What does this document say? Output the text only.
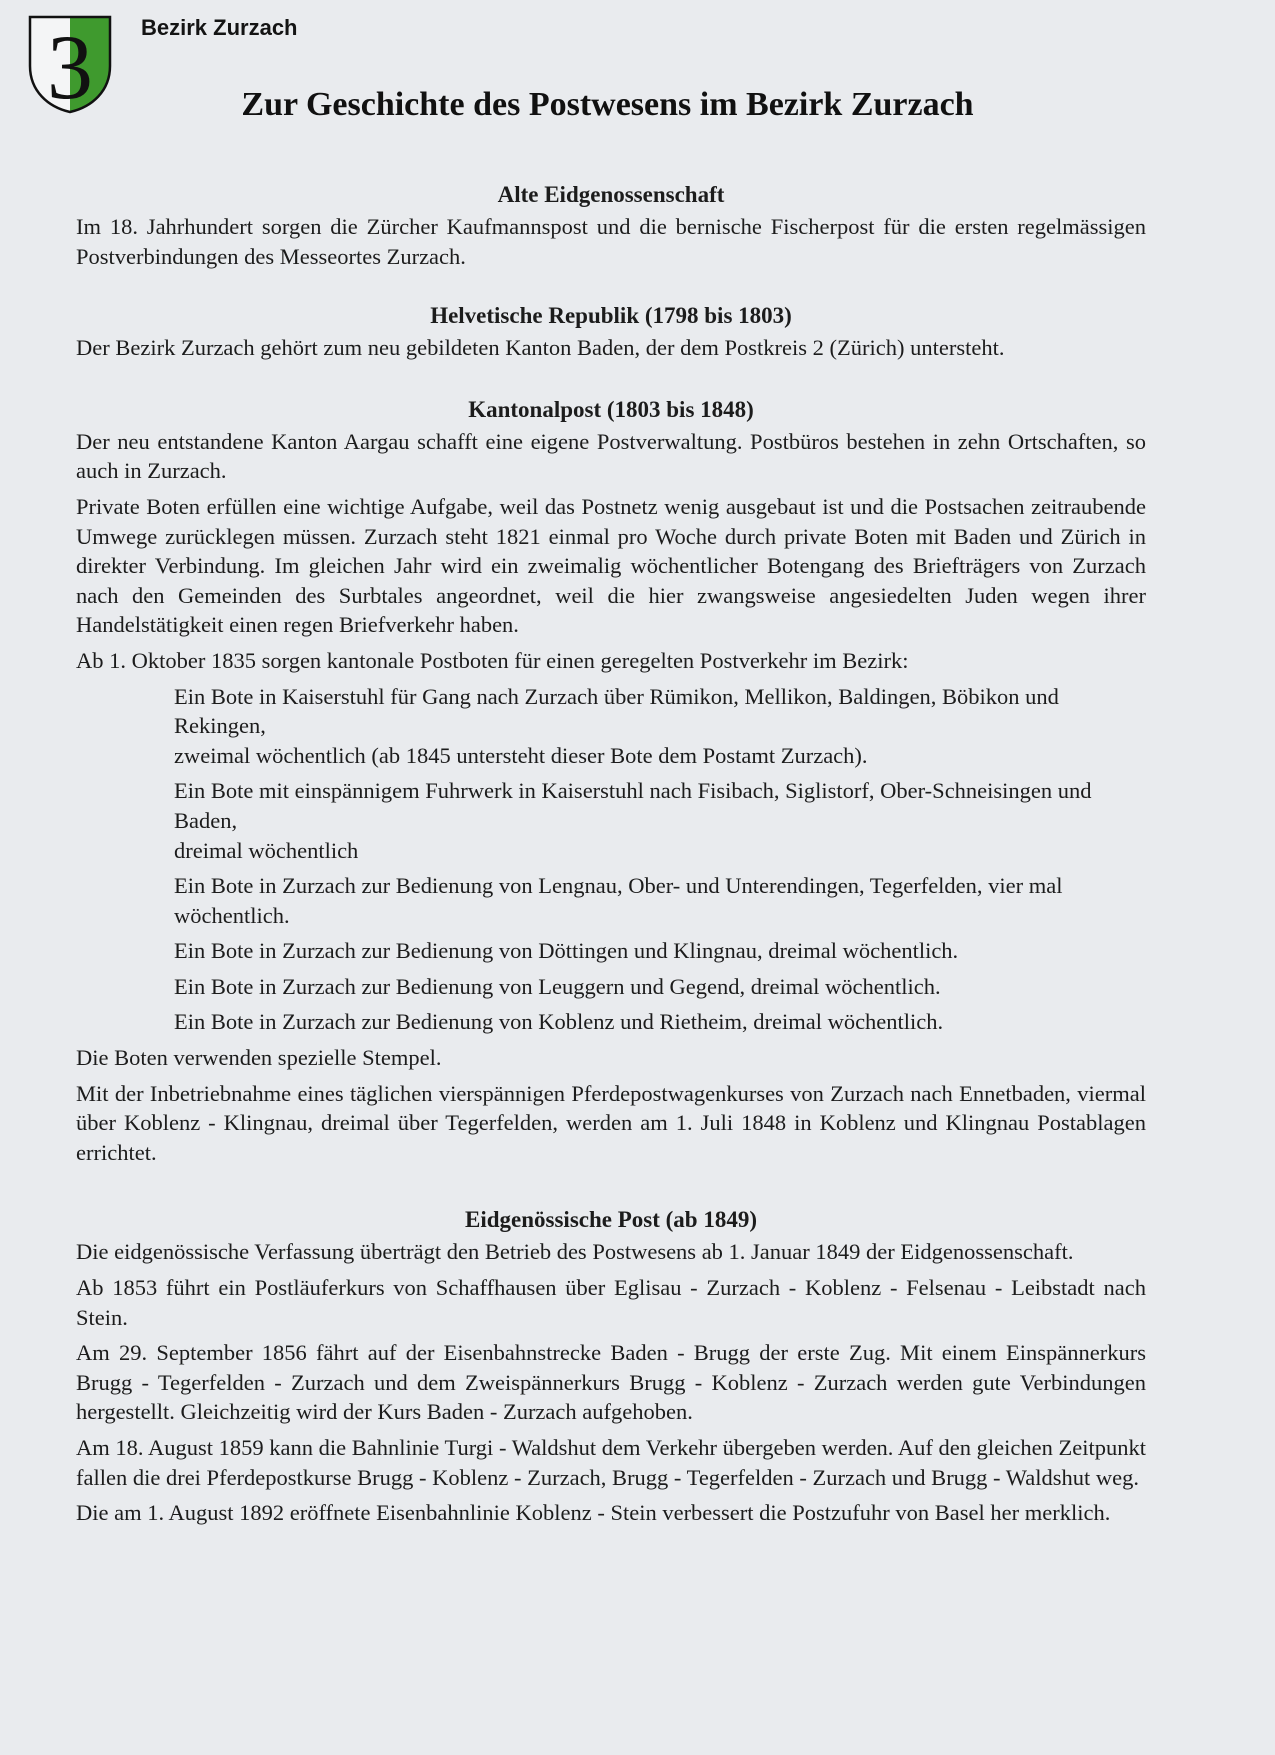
3 Bezirk Zurzach
Zur Geschichte des Postwesens im Bezirk Zurzach
Alte Eidgenossenschaft
Im 18. Jahrhundert sorgen die Zürcher Kaufmannspost und die bernische Fischerpost für die ersten regelmässigen Postverbindungen des Messeortes Zurzach.
Helvetische Republik (1798 bis 1803)
Der Bezirk Zurzach gehört zum neu gebildeten Kanton Baden, der dem Postkreis 2 (Zürich) untersteht.
Kantonalpost (1803 bis 1848)
Der neu entstandene Kanton Aargau schafft eine eigene Postverwaltung. Postbüros bestehen in zehn Ortschaften, so auch in Zurzach.
Private Boten erfüllen eine wichtige Aufgabe, weil das Postnetz wenig ausgebaut ist und die Postsachen zeitraubende Umwege zurücklegen müssen. Zurzach steht 1821 einmal pro Woche durch private Boten mit Baden und Zürich in direkter Verbindung. Im gleichen Jahr wird ein zweimalig wöchentlicher Botengang des Briefträgers von Zurzach nach den Gemeinden des Surbtales angeordnet, weil die hier zwangsweise angesiedelten Juden wegen ihrer Handelstätigkeit einen regen Briefverkehr haben.
Ab 1. Oktober 1835 sorgen kantonale Postboten für einen geregelten Postverkehr im Bezirk:
Ein Bote in Kaiserstuhl für Gang nach Zurzach über Rümikon, Mellikon, Baldingen, Böbikon und Rekingen,
zweimal wöchentlich (ab 1845 untersteht dieser Bote dem Postamt Zurzach).
Ein Bote mit einspännigem Fuhrwerk in Kaiserstuhl nach Fisibach, Siglistorf, Ober-Schneisingen und Baden,
dreimal wöchentlich
Ein Bote in Zurzach zur Bedienung von Lengnau, Ober- und Unterendingen, Tegerfelden, vier mal wöchentlich.
Ein Bote in Zurzach zur Bedienung von Döttingen und Klingnau, dreimal wöchentlich.
Ein Bote in Zurzach zur Bedienung von Leuggern und Gegend, dreimal wöchentlich.
Ein Bote in Zurzach zur Bedienung von Koblenz und Rietheim, dreimal wöchentlich.
Die Boten verwenden spezielle Stempel.
Mit der Inbetriebnahme eines täglichen vierspännigen Pferdepostwagenkurses von Zurzach nach Ennetbaden, viermal über Koblenz - Klingnau, dreimal über Tegerfelden, werden am 1. Juli 1848 in Koblenz und Klingnau Postablagen errichtet.
Eidgenössische Post (ab 1849)
Die eidgenössische Verfassung überträgt den Betrieb des Postwesens ab 1. Januar 1849 der Eidgenossenschaft.
Ab 1853 führt ein Postläuferkurs von Schaffhausen über Eglisau - Zurzach - Koblenz - Felsenau - Leibstadt nach Stein.
Am 29. September 1856 fährt auf der Eisenbahnstrecke Baden - Brugg der erste Zug. Mit einem Einspännerkurs Brugg - Tegerfelden - Zurzach und dem Zweispännerkurs Brugg - Koblenz - Zurzach werden gute Verbindungen hergestellt. Gleichzeitig wird der Kurs Baden - Zurzach aufgehoben.
Am 18. August 1859 kann die Bahnlinie Turgi - Waldshut dem Verkehr übergeben werden. Auf den gleichen Zeitpunkt fallen die drei Pferdepostkurse Brugg - Koblenz - Zurzach, Brugg - Tegerfelden - Zurzach und Brugg - Waldshut weg.
Die am 1. August 1892 eröffnete Eisenbahnlinie Koblenz - Stein verbessert die Postzufuhr von Basel her merklich.
